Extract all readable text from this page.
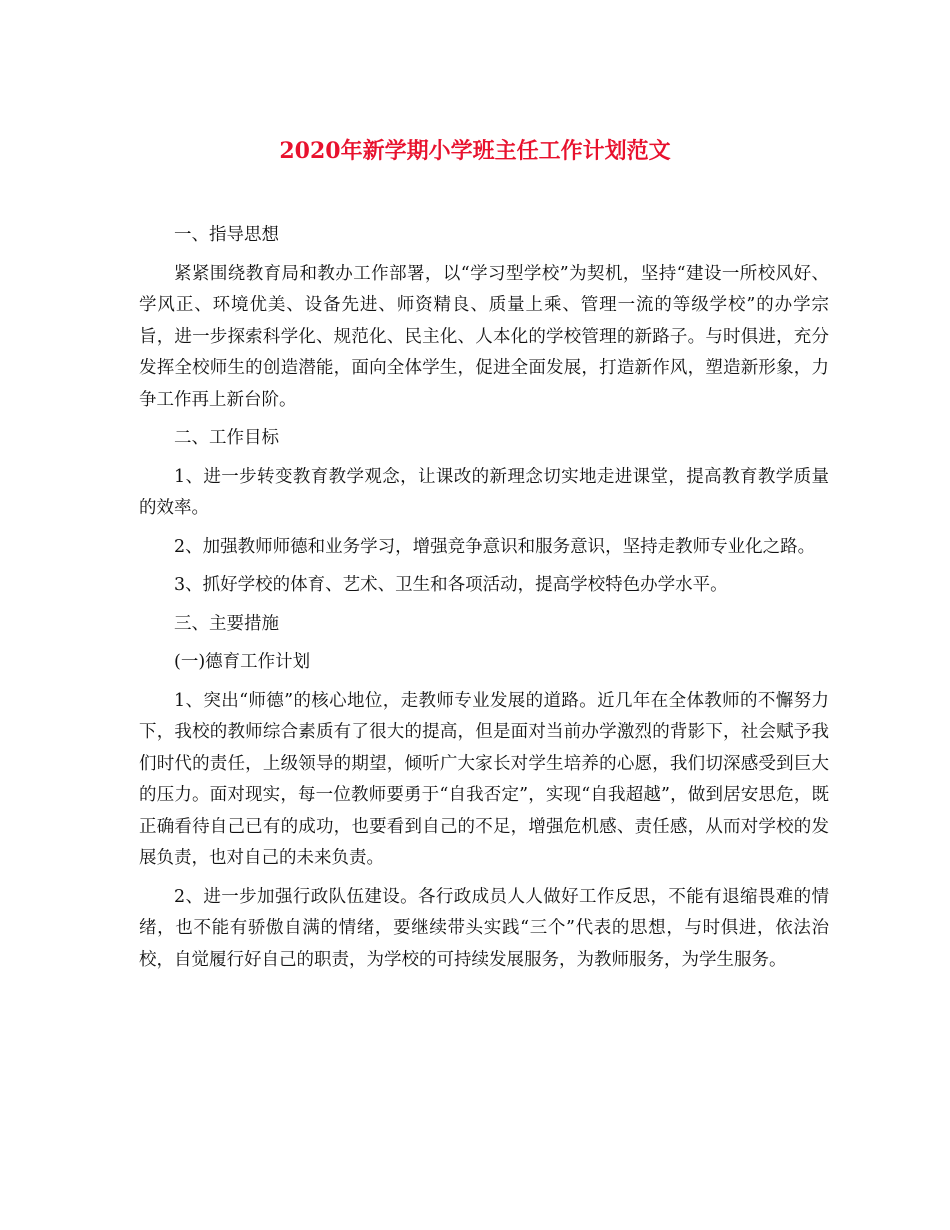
2020年新学期小学班主任工作计划范文

一、指导思想

紧紧围绕教育局和教办工作部署，以“学习型学校”为契机，坚持“建设一所校风好、学风正、环境优美、设备先进、师资精良、质量上乘、管理一流的等级学校”的办学宗旨，进一步探索科学化、规范化、民主化、人本化的学校管理的新路子。与时俱进，充分发挥全校师生的创造潜能，面向全体学生，促进全面发展，打造新作风，塑造新形象，力争工作再上新台阶。

二、工作目标

1、进一步转变教育教学观念，让课改的新理念切实地走进课堂，提高教育教学质量的效率。

2、加强教师师德和业务学习，增强竞争意识和服务意识，坚持走教师专业化之路。

3、抓好学校的体育、艺术、卫生和各项活动，提高学校特色办学水平。

三、主要措施

(一)德育工作计划

1、突出“师德”的核心地位，走教师专业发展的道路。近几年在全体教师的不懈努力下，我校的教师综合素质有了很大的提高，但是面对当前办学激烈的背影下，社会赋予我们时代的责任，上级领导的期望，倾听广大家长对学生培养的心愿，我们切深感受到巨大的压力。面对现实，每一位教师要勇于“自我否定”，实现“自我超越”，做到居安思危，既正确看待自己已有的成功，也要看到自己的不足，增强危机感、责任感，从而对学校的发展负责，也对自己的未来负责。

2、进一步加强行政队伍建设。各行政成员人人做好工作反思，不能有退缩畏难的情绪，也不能有骄傲自满的情绪，要继续带头实践“三个”代表的思想，与时俱进，依法治校，自觉履行好自己的职责，为学校的可持续发展服务，为教师服务，为学生服务。
